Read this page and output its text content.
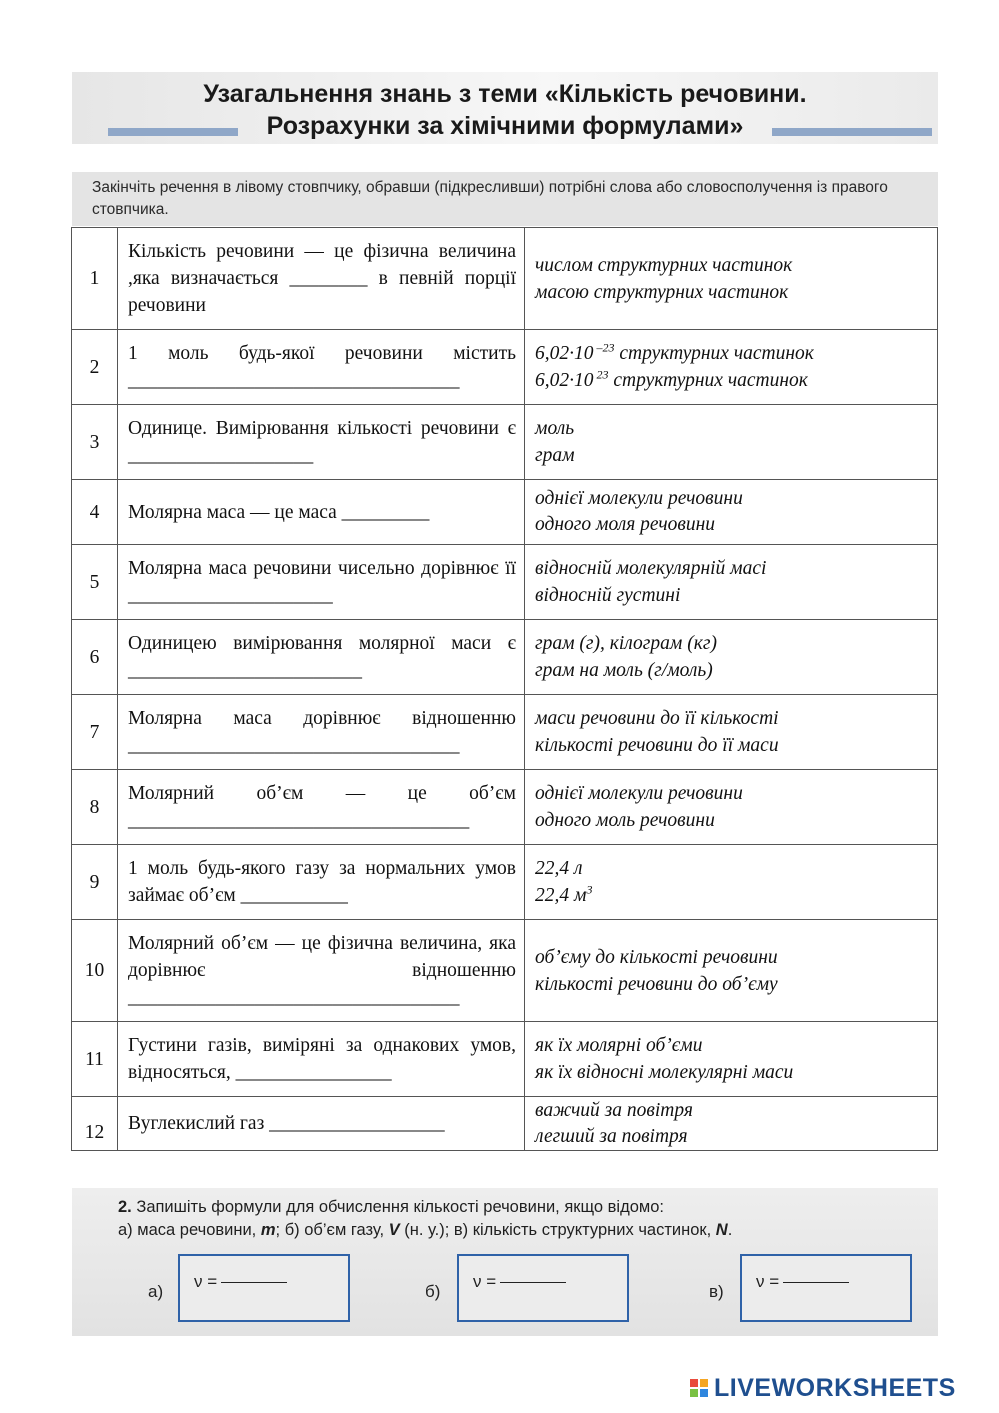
Узагальнення знань з теми «Кількість речовини.
Розрахунки за хімічними формулами»
Закінчіть речення в лівому стовпчику, обравши (підкресливши) потрібні слова або словосполучення із правого стовпчика.
1	Кількість речовини — це фізична величина ,яка визначається ________ в певній порції речовини	числом структурних частинок
масою структурних частинок

2	1 моль будь-якої речовини містить __________________________________	6,02∙10 $^{-23}$ структурних частинок
6,02∙10 $^{23}$ структурних частинок

3	Одинице. Вимірювання кількості речовини є ___________________	моль
грам

4	Молярна маса — це маса _________	однієї молекули речовини
одного моля речовини

5	Молярна маса речовини чисельно дорівнює її _____________________	відносній молекулярній масі
відносній густині

6	Одиницею вимірювання молярної маси є ________________________	грам (г), кілограм (кг)
грам на моль (г/моль)

7	Молярна маса дорівнює відношенню __________________________________	маси речовини до її кількості
кількості речовини до її маси

8	Молярний об’єм — це об’єм ___________________________________	однієї молекули речовини
одного моль речовини

9	1 моль будь-якого газу за нормальних умов займає об’єм ___________	22,4 л
22,4 $м^3$

10	Молярний об’єм — це фізична величина, яка дорівнює відношенню __________________________________	об’єму до кількості речовини
кількості речовини до об’єму

11	Густини газів, виміряні за однакових умов, відносяться, ________________	як їх молярні об’єми
як їх відносні молекулярні маси

12	Вуглекислий газ __________________	важчий за повітря
легший за повітря
2. Запишіть формули для обчислення кількості речовини, якщо відомо:
а) маса речовини, m; б) об’єм газу, V (н. у.); в) кількість структурних частинок, N.
а)
ν =
б)
ν =
в)
ν =
LIVEWORKSHEETS
